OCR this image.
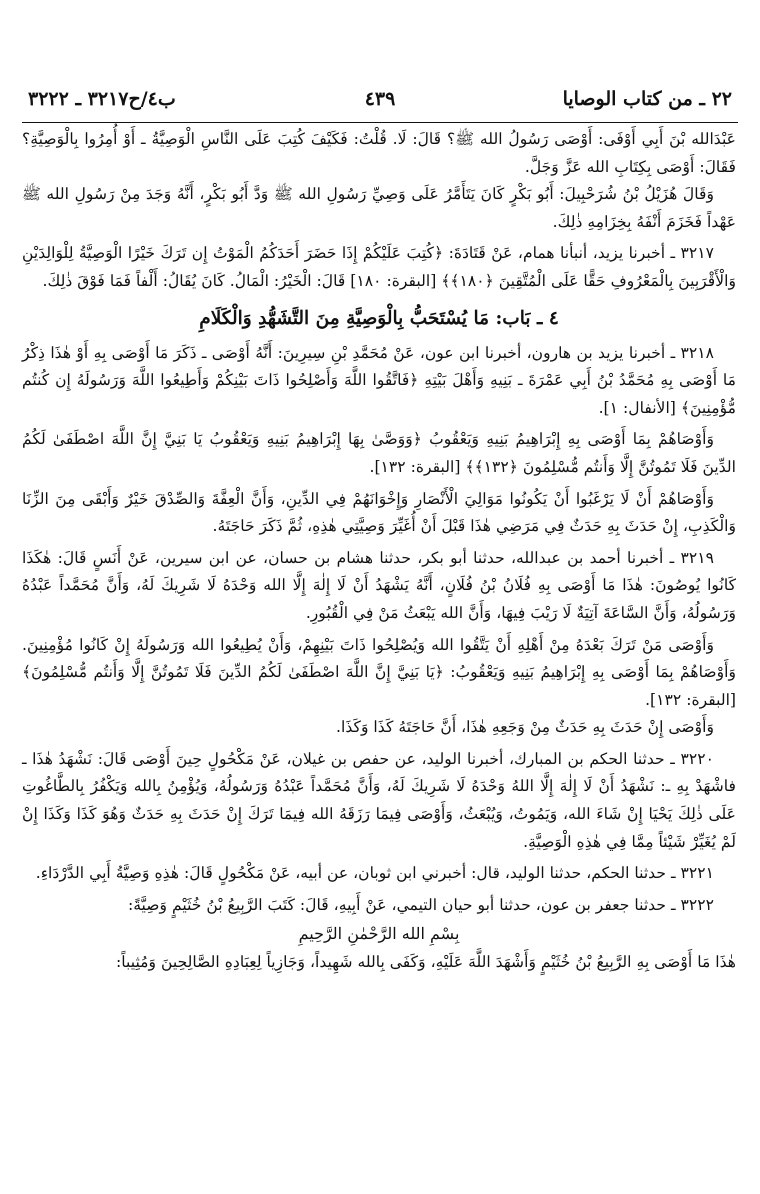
ب٤/ح٣٢١٧ ـ ٣٢٢٢	٤٣٩	٢٢ ـ من كتاب الوصايا

عَبْدَالله بْنَ أَبِي أَوْفَى: أَوْصَى رَسُولُ الله ﷺ؟ قَالَ: لَا. قُلْتُ: فَكَيْفَ كُتِبَ عَلَى النَّاسِ الْوَصِيَّةُ ـ أَوْ أُمِرُوا بِالْوَصِيَّةِ؟ فَقَالَ: أَوْصَى بِكِتَابِ الله عَزَّ وَجَلَّ.

وَقَالَ هُزَيْلُ بْنُ شُرَحْبِيلَ: أَبُو بَكْرٍ كَانَ يَتَأَمَّرُ عَلَى وَصِيِّ رَسُولِ الله ﷺ وَدَّ أَبُو بَكْرٍ، أَنَّهُ وَجَدَ مِنْ رَسُولِ الله ﷺ عَهْداً فَخَزَمَ أَنْفَهُ بِخِزَامِهِ ذٰلِكَ.

٣٢١٧ ـ أخبرنا يزيد، أنبأنا همام، عَنْ قَتَادَةَ: ﴿كُتِبَ عَلَيْكُمْ إِذَا حَضَرَ أَحَدَكُمُ الْمَوْتُ إِن تَرَكَ خَيْرًا الْوَصِيَّةُ لِلْوَالِدَيْنِ وَالْأَقْرَبِينَ بِالْمَعْرُوفِ حَقًّا عَلَى الْمُتَّقِينَ ﴿١٨٠﴾﴾ [البقرة: ١٨٠] قَالَ: الْخَيْرُ: الْمَالُ. كَانَ يُقَالُ: أَلْفاً فَمَا فَوْقَ ذٰلِكَ.

٤ ـ بَاب: مَا يُسْتَحَبُّ بِالْوَصِيَّةِ مِنَ التَّشَهُّدِ وَالْكَلَامِ

٣٢١٨ ـ أخبرنا يزيد بن هارون، أخبرنا ابن عون، عَنْ مُحَمَّدِ بْنِ سِيرِينَ: أَنَّهُ أَوْصَى ـ ذَكَرَ مَا أَوْصَى بِهِ أَوْ هٰذَا ذِكْرُ مَا أَوْصَى بِهِ مُحَمَّدُ بْنُ أَبِي عَمْرَةَ ـ بَنِيهِ وَأَهْلَ بَيْتِهِ ﴿فَاتَّقُوا اللَّهَ وَأَصْلِحُوا ذَاتَ بَيْنِكُمْ وَأَطِيعُوا اللَّهَ وَرَسُولَهُ إِن كُنتُم مُّؤْمِنِينَ﴾ [الأنفال: ١].

وَأَوْصَاهُمْ بِمَا أَوْصَى بِهِ إِبْرَاهِيمُ بَنِيهِ وَيَعْقُوبُ ﴿وَوَصَّىٰ بِهَا إِبْرَاهِيمُ بَنِيهِ وَيَعْقُوبُ يَا بَنِيَّ إِنَّ اللَّهَ اصْطَفَىٰ لَكُمُ الدِّينَ فَلَا تَمُوتُنَّ إِلَّا وَأَنتُم مُّسْلِمُونَ ﴿١٣٢﴾﴾ [البقرة: ١٣٢].

وَأَوْصَاهُمْ أَنْ لَا يَرْغَبُوا أَنْ يَكُونُوا مَوَالِيَ الْأَنْصَارِ وَإِخْوَانَهُمْ فِي الدِّينِ، وَأَنَّ الْعِفَّةَ وَالصِّدْقَ خَيْرٌ وَأَبْقَى مِنَ الزِّنَا وَالْكَذِبِ، إِنْ حَدَثَ بِهِ حَدَثٌ فِي مَرَضِي هٰذَا قَبْلَ أَنْ أُغَيِّرَ وَصِيَّتِي هٰذِهِ، ثُمَّ ذَكَرَ حَاجَتَهُ.

٣٢١٩ ـ أخبرنا أحمد بن عبدالله، حدثنا أبو بكر، حدثنا هشام بن حسان، عن ابن سيرين، عَنْ أَنَسٍ قَالَ: هٰكَذَا كَانُوا يُوصُونَ: هٰذَا مَا أَوْصَى بِهِ فُلَانُ بْنُ فُلَانٍ، أَنَّهُ يَشْهَدُ أَنْ لَا إِلٰهَ إِلَّا الله وَحْدَهُ لَا شَرِيكَ لَهُ، وَأَنَّ مُحَمَّداً عَبْدُهُ وَرَسُولُهُ، وَأَنَّ السَّاعَةَ آتِيَةٌ لَا رَيْبَ فِيهَا، وَأَنَّ الله يَبْعَثُ مَنْ فِي الْقُبُورِ.

وَأَوْصَى مَنْ تَرَكَ بَعْدَهُ مِنْ أَهْلِهِ أَنْ يَتَّقُوا الله وَيُصْلِحُوا ذَاتَ بَيْنِهِمْ، وَأَنْ يُطِيعُوا الله وَرَسُولَهُ إِنْ كَانُوا مُؤْمِنِينَ. وَأَوْصَاهُمْ بِمَا أَوْصَى بِهِ إِبْرَاهِيمُ بَنِيهِ وَيَعْقُوبُ: ﴿يَا بَنِيَّ إِنَّ اللَّهَ اصْطَفَىٰ لَكُمُ الدِّينَ فَلَا تَمُوتُنَّ إِلَّا وَأَنتُم مُّسْلِمُونَ﴾ [البقرة: ١٣٢].

وَأَوْصَى إِنْ حَدَثَ بِهِ حَدَثٌ مِنْ وَجَعِهِ هٰذَا، أَنَّ حَاجَتَهُ كَذَا وَكَذَا.

٣٢٢٠ ـ حدثنا الحكم بن المبارك، أخبرنا الوليد، عن حفص بن غيلان، عَنْ مَكْحُولٍ حِينَ أَوْصَى قَالَ: نَشْهَدُ هٰذَا ـ فاشْهَدْ بِهِ ـ: نَشْهَدُ أَنْ لَا إِلٰهَ إِلَّا اللهُ وَحْدَهُ لَا شَرِيكَ لَهُ، وَأَنَّ مُحَمَّداً عَبْدُهُ وَرَسُولُهُ، وَيُؤْمِنُ بِالله وَيَكْفُرُ بِالطَّاغُوتِ عَلَى ذٰلِكَ يَحْيَا إِنْ شَاءَ الله، وَيَمُوتُ، وَيُبْعَثُ، وَأَوْصَى فِيمَا رَزَقَهُ الله فِيمَا تَرَكَ إِنْ حَدَثَ بِهِ حَدَثٌ وَهُوَ كَذَا وَكَذَا إِنْ لَمْ يُغَيِّرْ شَيْئاً مِمَّا فِي هٰذِهِ الْوَصِيَّةِ.

٣٢٢١ ـ حدثنا الحكم، حدثنا الوليد، قال: أخبرني ابن ثوبان، عن أبيه، عَنْ مَكْحُولٍ قَالَ: هٰذِهِ وَصِيَّةُ أَبِي الدَّرْدَاءِ.

٣٢٢٢ ـ حدثنا جعفر بن عون، حدثنا أبو حيان التيمي، عَنْ أَبِيهِ، قَالَ: كَتَبَ الرَّبِيعُ بْنُ خُثَيْمٍ وَصِيَّةً:

بِسْمِ الله الرَّحْمٰنِ الرَّحِيمِ

هٰذَا مَا أَوْصَى بِهِ الرَّبِيعُ بْنُ خُثَيْمٍ وَأَشْهَدَ اللَّهَ عَلَيْهِ، وَكَفَى بِالله شَهِيداً، وَجَازِياً لِعِبَادِهِ الصَّالِحِينَ وَمُثِيباً:
